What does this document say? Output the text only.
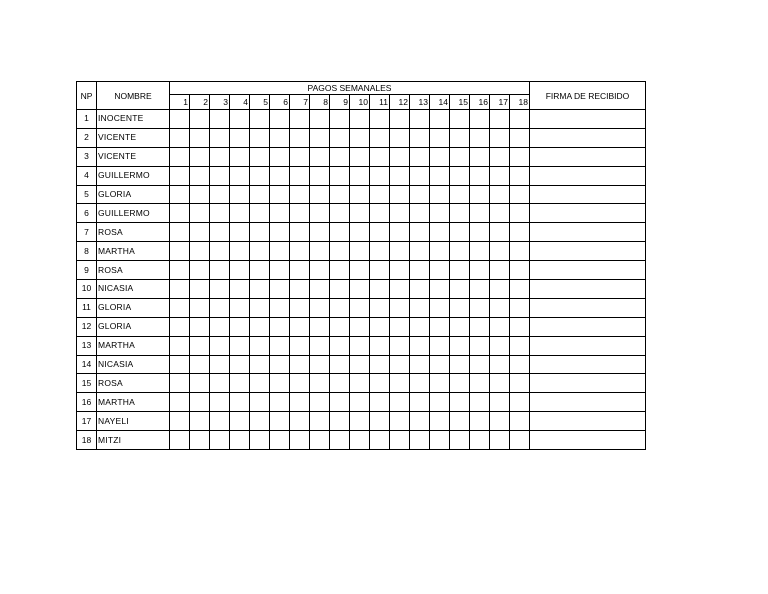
NP	NOMBRE	PAGOS SEMANALES																		FIRMA DE RECIBIDO
		1	2	3	4	5	6	7	8	9	10	11	12	13	14	15	16	17	18	
1	INOCENTE																			
2	VICENTE																			
3	VICENTE																			
4	GUILLERMO																			
5	GLORIA																			
6	GUILLERMO																			
7	ROSA																			
8	MARTHA																			
9	ROSA																			
10	NICASIA																			
11	GLORIA																			
12	GLORIA																			
13	MARTHA																			
14	NICASIA																			
15	ROSA																			
16	MARTHA																			
17	NAYELI																			
18	MITZI																			
